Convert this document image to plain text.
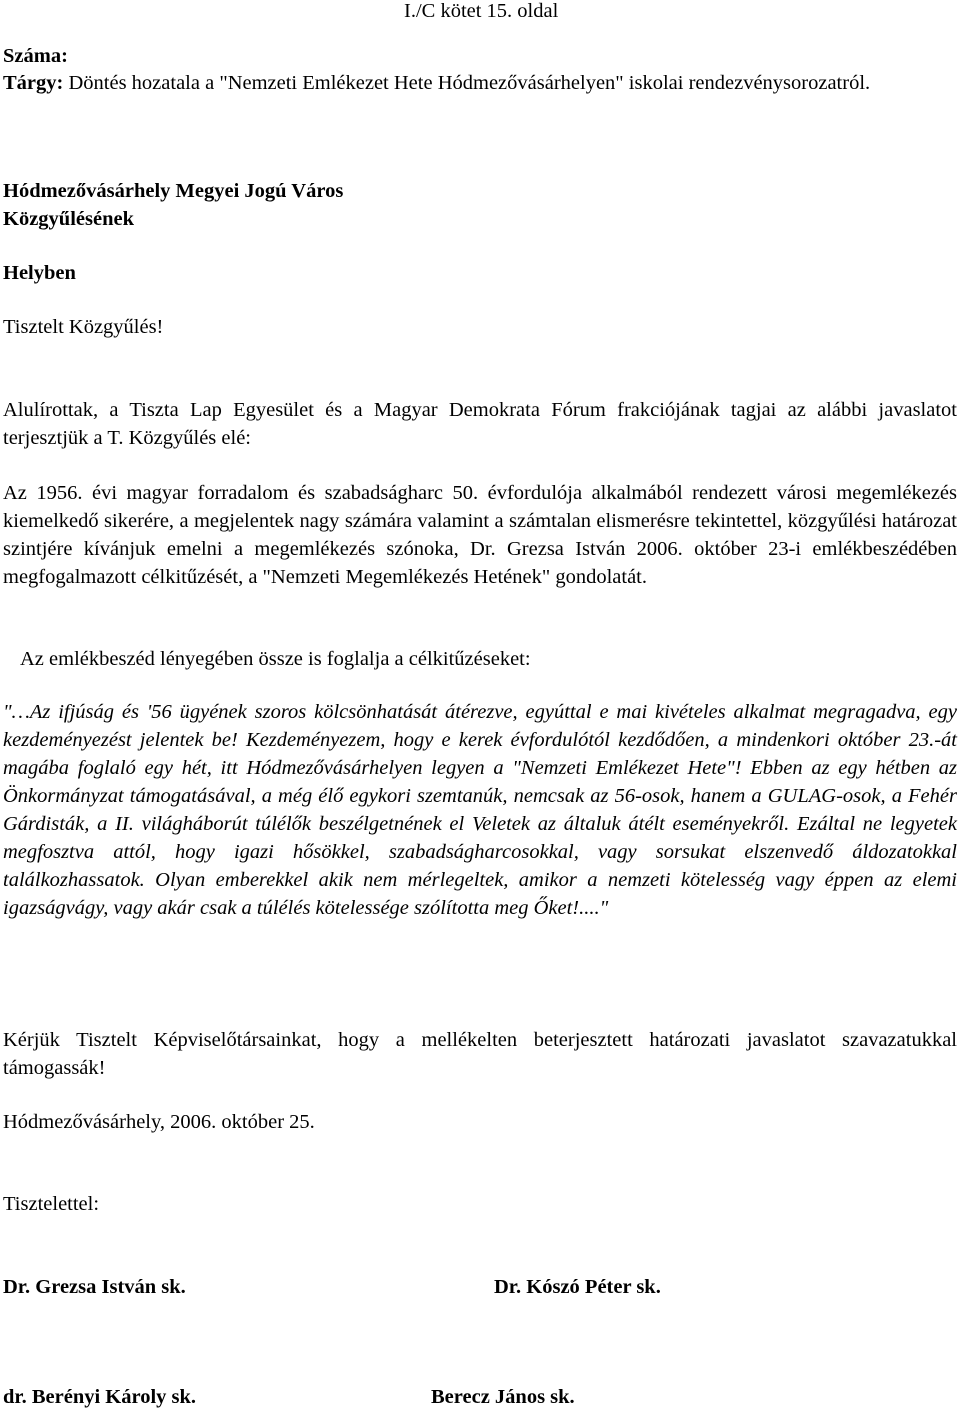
I./C kötet 15. oldal
Száma:

Tárgy: Döntés hozatala a "Nemzeti Emlékezet Hete Hódmezővásárhelyen" iskolai rendezvénysorozatról.

Hódmezővásárhely Megyei Jogú Város
Közgyűlésének
Helyben
Tisztelt Közgyűlés!

Alulírottak, a Tiszta Lap Egyesület és a Magyar Demokrata Fórum frakciójának tagjai az alábbi javaslatot terjesztjük a T. Közgyűlés elé:

Az 1956. évi magyar forradalom és szabadságharc 50. évfordulója alkalmából rendezett városi megemlékezés kiemelkedő sikerére, a megjelentek nagy számára valamint a számtalan elismerésre tekintettel, közgyűlési határozat szintjére kívánjuk emelni a megemlékezés szónoka, Dr. Grezsa István 2006. október 23-i emlékbeszédében megfogalmazott célkitűzését, a "Nemzeti Megemlékezés Hetének" gondolatát.

Az emlékbeszéd lényegében össze is foglalja a célkitűzéseket:

"…Az ifjúság és '56 ügyének szoros kölcsönhatását átérezve, egyúttal e mai kivételes alkalmat megragadva, egy kezdeményezést jelentek be! Kezdeményezem, hogy e kerek évfordulótól kezdődően, a mindenkori október 23.-át magába foglaló egy hét, itt Hódmezővásárhelyen legyen a "Nemzeti Emlékezet Hete"! Ebben az egy hétben az Önkormányzat támogatásával, a még élő egykori szemtanúk, nemcsak az 56-osok, hanem a GULAG-osok, a Fehér Gárdisták, a II. világháborút túlélők beszélgetnének el Veletek az általuk átélt eseményekről. Ezáltal ne legyetek megfosztva attól, hogy igazi hősökkel, szabadságharcosokkal, vagy sorsukat elszenvedő áldozatokkal találkozhassatok. Olyan emberekkel akik nem mérlegeltek, amikor a nemzeti kötelesség vagy éppen az elemi igazságvágy, vagy akár csak a túlélés kötelessége szólította meg Őket!...."

Kérjük Tisztelt Képviselőtársainkat, hogy a mellékelten beterjesztett határozati javaslatot szavazatukkal támogassák!

Hódmezővásárhely, 2006. október 25.
Tisztelettel:
Dr. Grezsa István sk.	Dr. Kószó Péter sk.
dr. Berényi Károly sk.	Berecz János sk.
